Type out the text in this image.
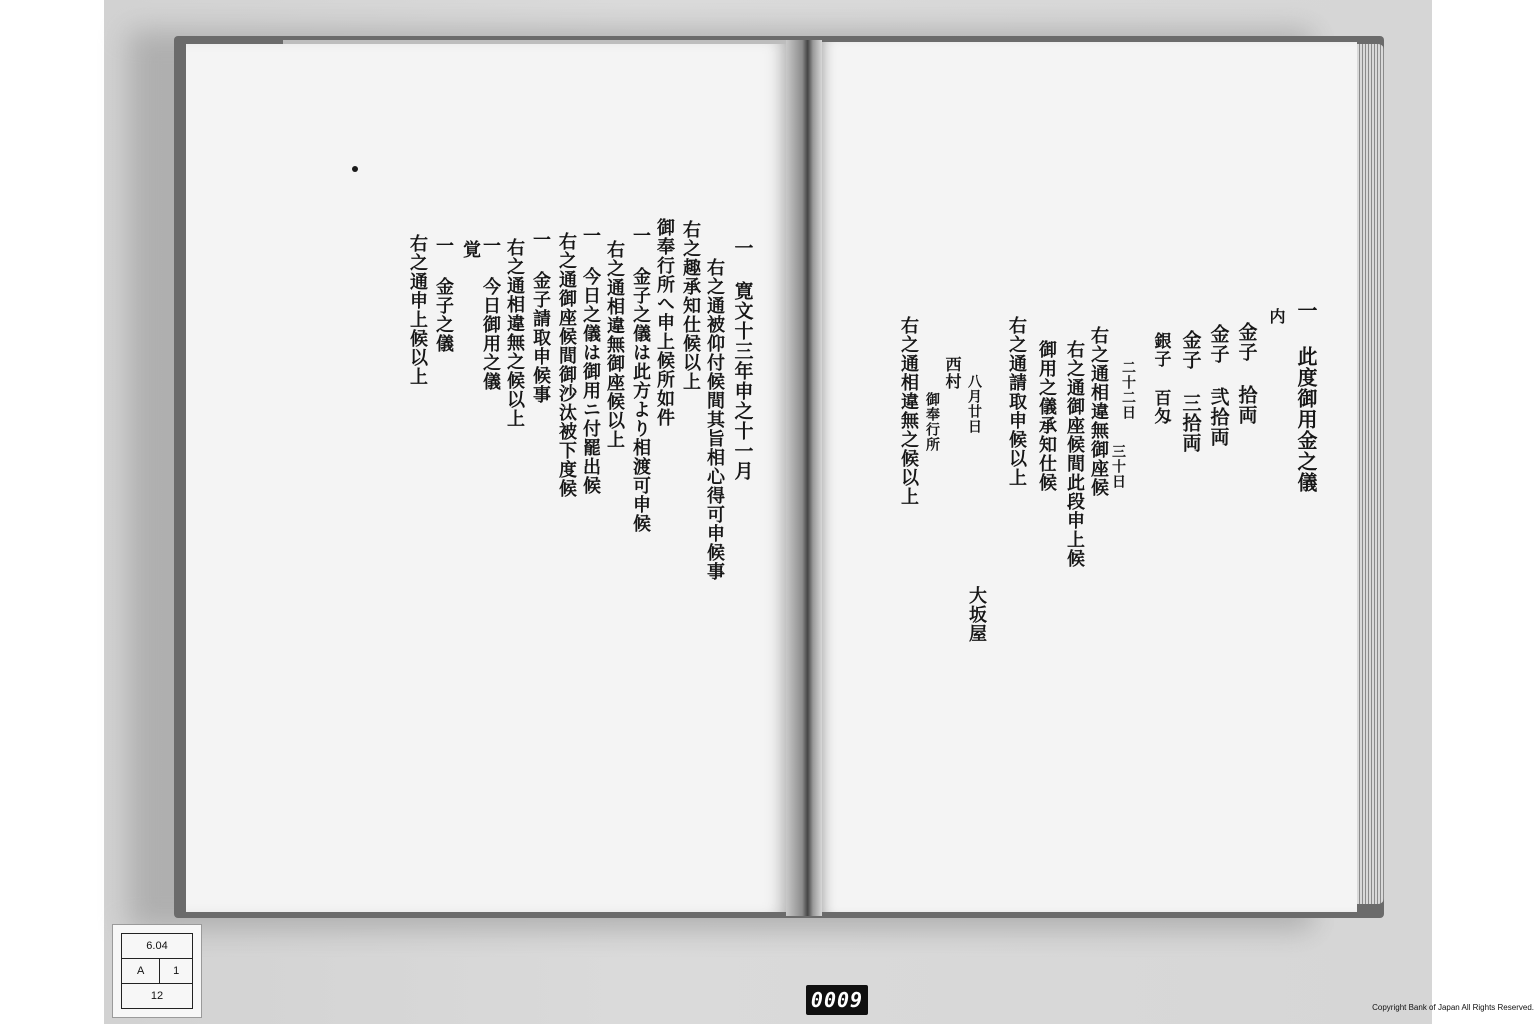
一 寛文十三年申之十一月
右之通被仰付候間其旨相心得可申候事
右之趣承知仕候以上
御奉行所へ申上候所如件
一 金子之儀は此方より相渡可申候
右之通相違無御座候以上
一 今日之儀は御用ニ付罷出候
右之通御座候間御沙汰被下度候
一 金子請取申候事
右之通相違無之候以上
一 今日御用之儀
覚
一 金子之儀
右之通申上候以上	一 此度御用金之儀
内
金子 拾両
金子 弐拾両
金子 三拾両
銀子 百匁
二十二日
三十日
右之通相違無御座候
右之通御座候間此段申上候
御用之儀承知仕候
右之通請取申候以上
八月廿日
大坂屋
西村
御奉行所
右之通相違無之候以上
6.04
A	1
12	0009	Copyright Bank of Japan All Rights Reserved.
